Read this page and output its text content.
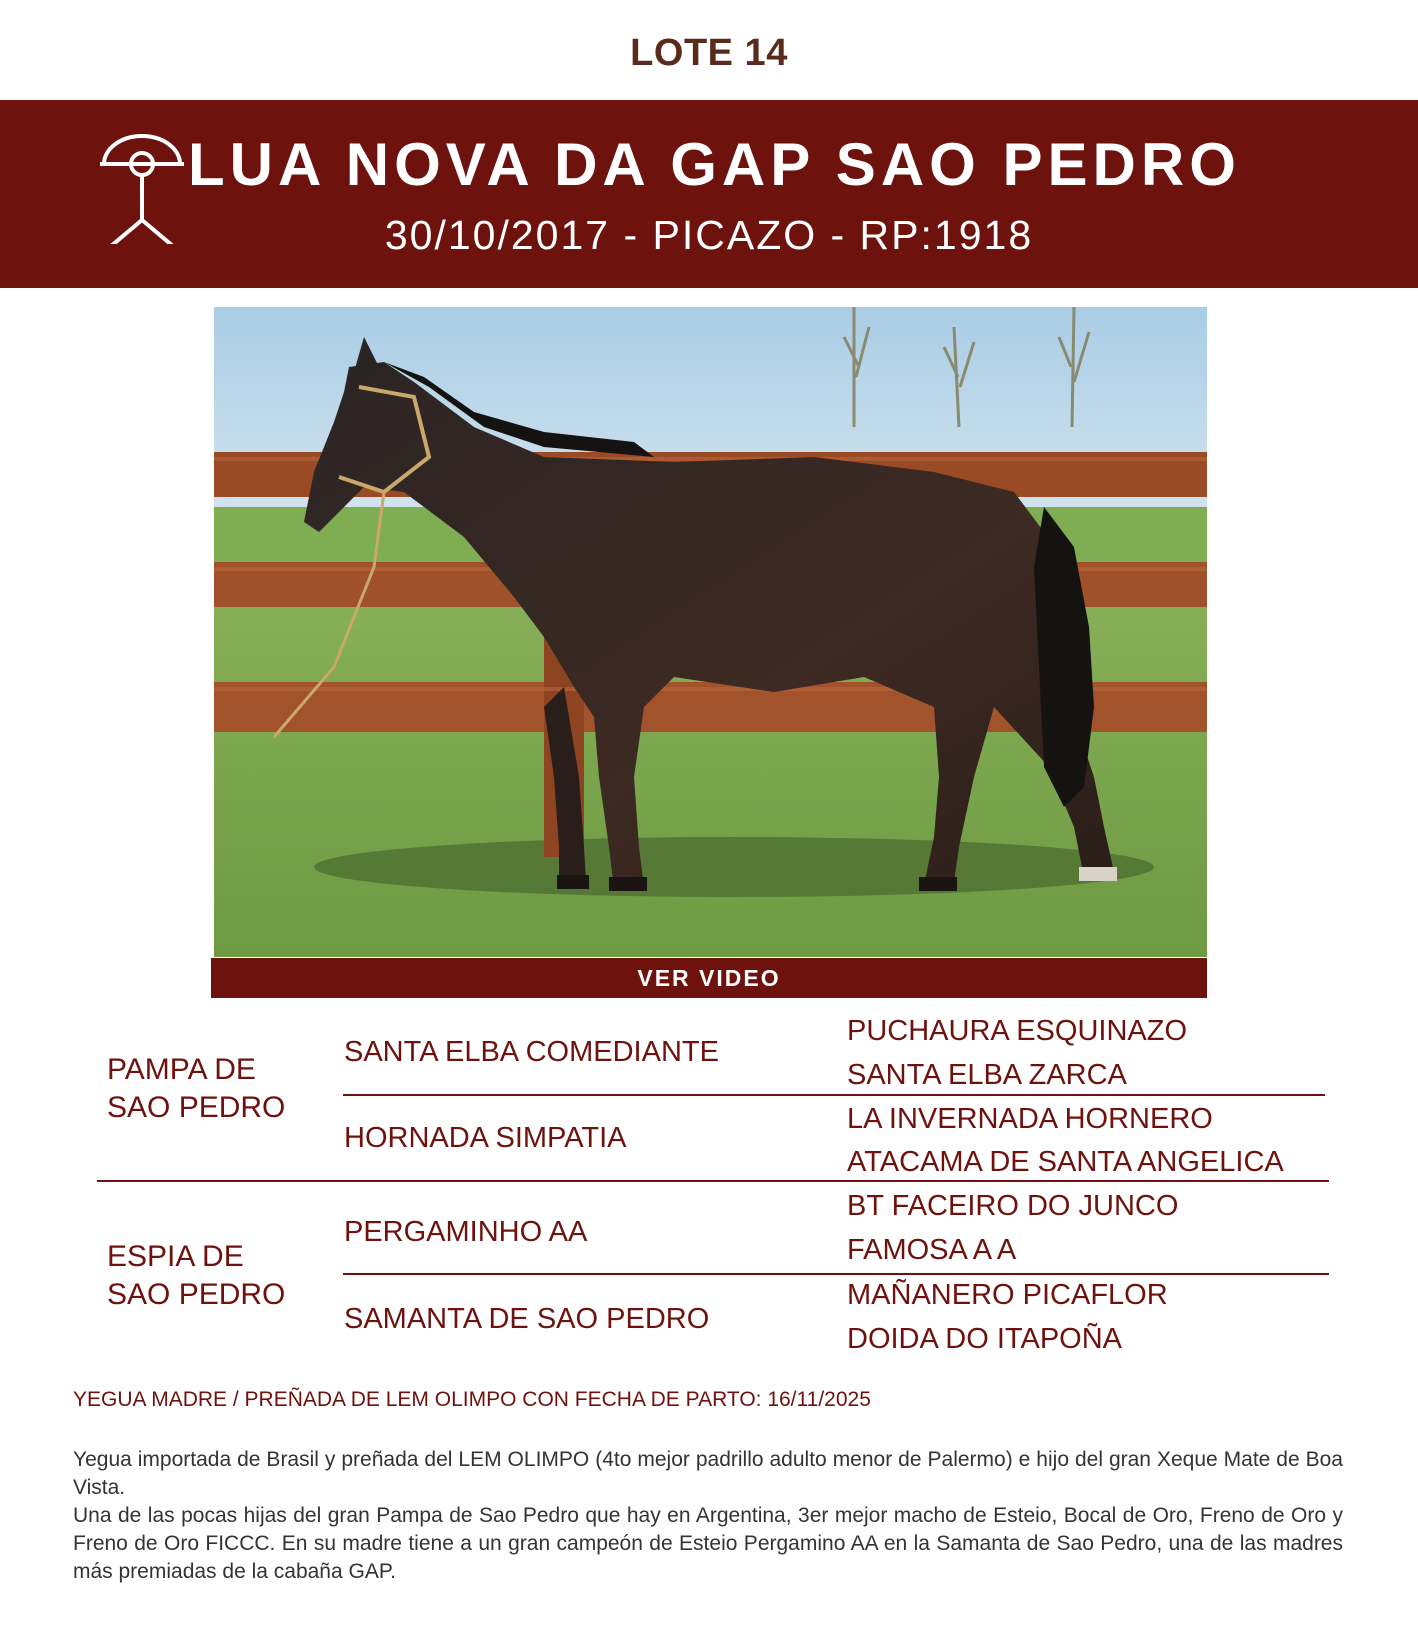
LOTE 14
LUA NOVA DA GAP SAO PEDRO
30/10/2017 - PICAZO - RP:1918
VER VIDEO
PAMPA DE
SAO PEDRO
SANTA ELBA COMEDIANTE
PUCHAURA ESQUINAZO
SANTA ELBA ZARCA
HORNADA SIMPATIA
LA INVERNADA HORNERO
ATACAMA DE SANTA ANGELICA
ESPIA DE
SAO PEDRO
PERGAMINHO AA
BT FACEIRO DO JUNCO
FAMOSA A A
SAMANTA DE SAO PEDRO
MAÑANERO PICAFLOR
DOIDA DO ITAPOÑA
YEGUA MADRE / PREÑADA DE LEM OLIMPO CON FECHA DE PARTO: 16/11/2025

Yegua importada de Brasil y preñada del LEM OLIMPO (4to mejor padrillo adulto menor de Palermo) e hijo del gran Xeque Mate de Boa Vista.

Una de las pocas hijas del gran Pampa de Sao Pedro que hay en Argentina, 3er mejor macho de Esteio, Bocal de Oro, Freno de Oro y Freno de Oro FICCC. En su madre tiene a un gran campeón de Esteio Pergamino AA en la Samanta de Sao Pedro, una de las madres más premiadas de la cabaña GAP.
